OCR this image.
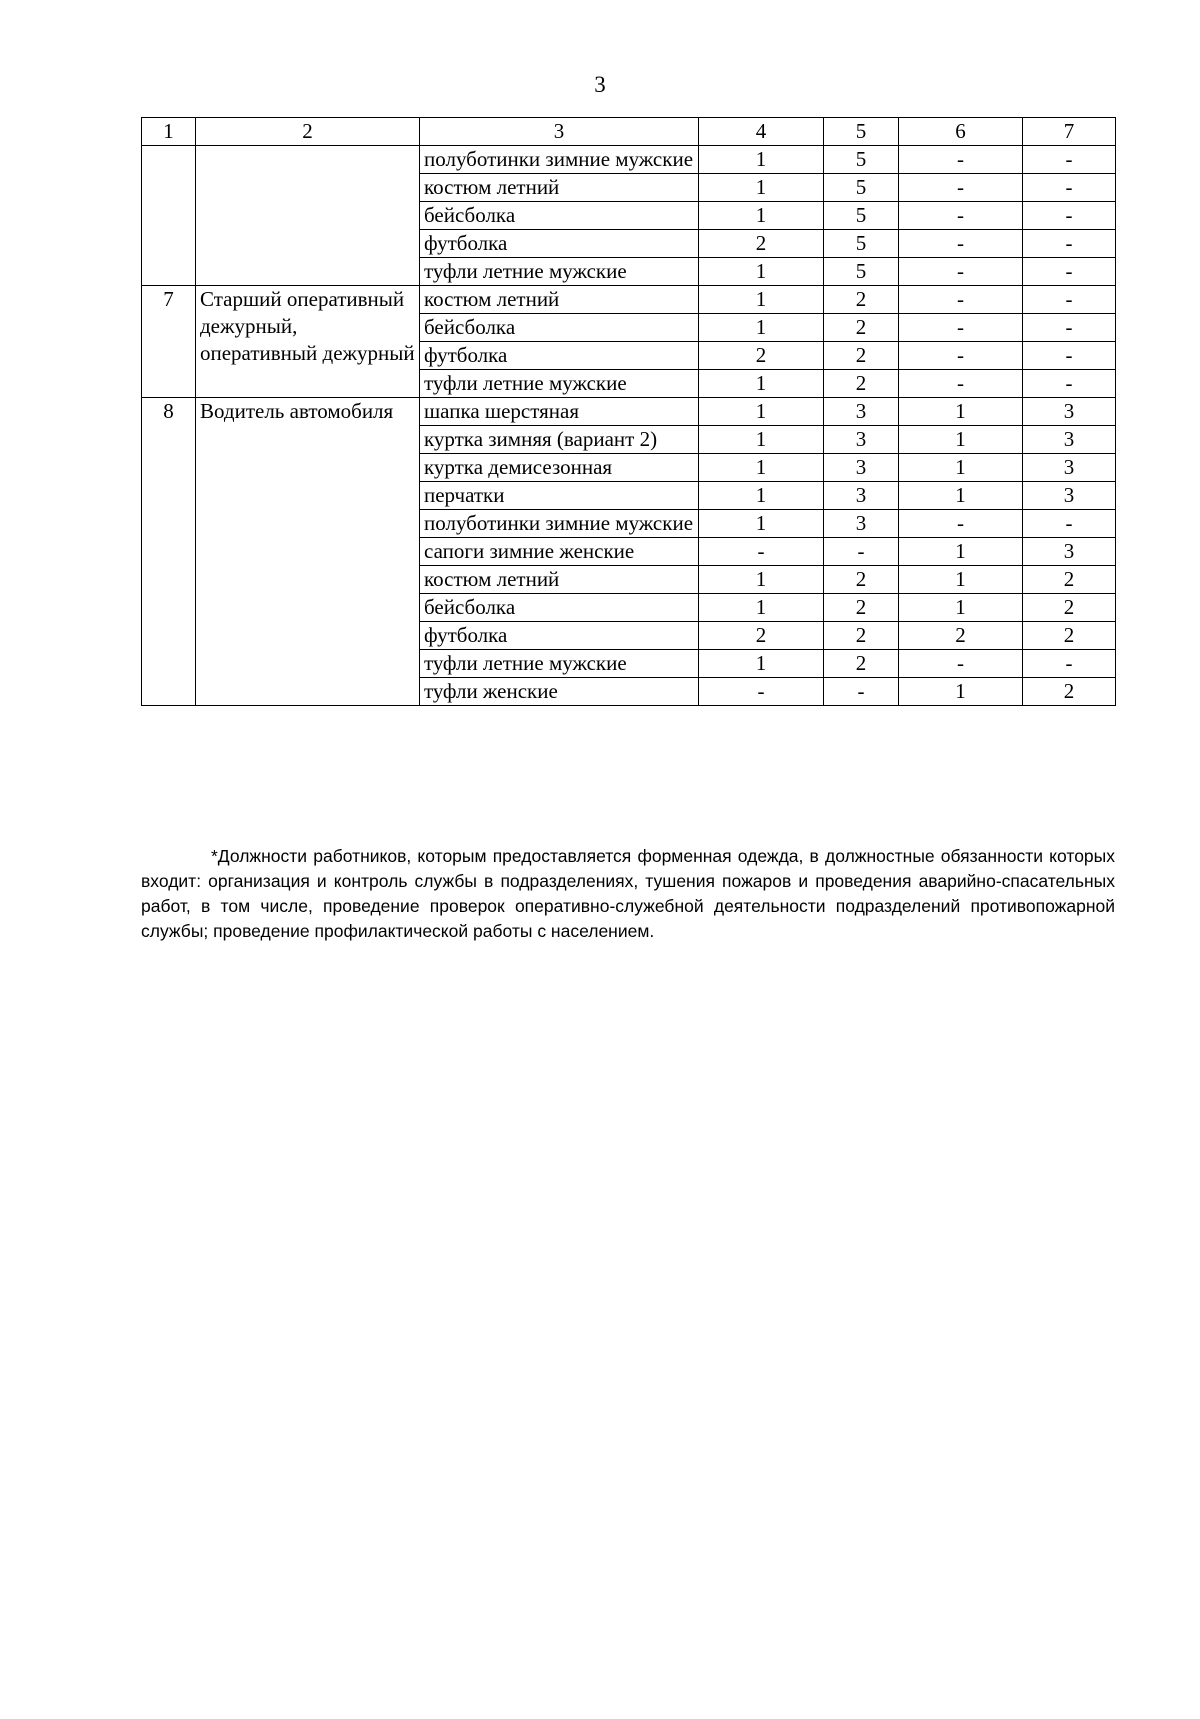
3
1	2	3	4	5	6	7
		полуботинки зимние мужские	1	5	-	-
		костюм летний	1	5	-	-
		бейсболка	1	5	-	-
		футболка	2	5	-	-
		туфли летние мужские	1	5	-	-
7	Старший оперативный дежурный, оперативный дежурный	костюм летний	1	2	-	-
		бейсболка	1	2	-	-
		футболка	2	2	-	-
		туфли летние мужские	1	2	-	-
8	Водитель автомобиля	шапка шерстяная	1	3	1	3
		куртка зимняя (вариант 2)	1	3	1	3
		куртка демисезонная	1	3	1	3
		перчатки	1	3	1	3
		полуботинки зимние мужские	1	3	-	-
		сапоги зимние женские	-	-	1	3
		костюм летний	1	2	1	2
		бейсболка	1	2	1	2
		футболка	2	2	2	2
		туфли летние мужские	1	2	-	-
		туфли женские	-	-	1	2

*Должности работников, которым предоставляется форменная одежда, в должностные обязанности которых входит: организация и контроль службы в подразделениях, тушения пожаров и проведения аварийно-спасательных работ, в том числе, проведение проверок оперативно-служебной деятельности подразделений противопожарной службы; проведение профилактической работы с населением.
